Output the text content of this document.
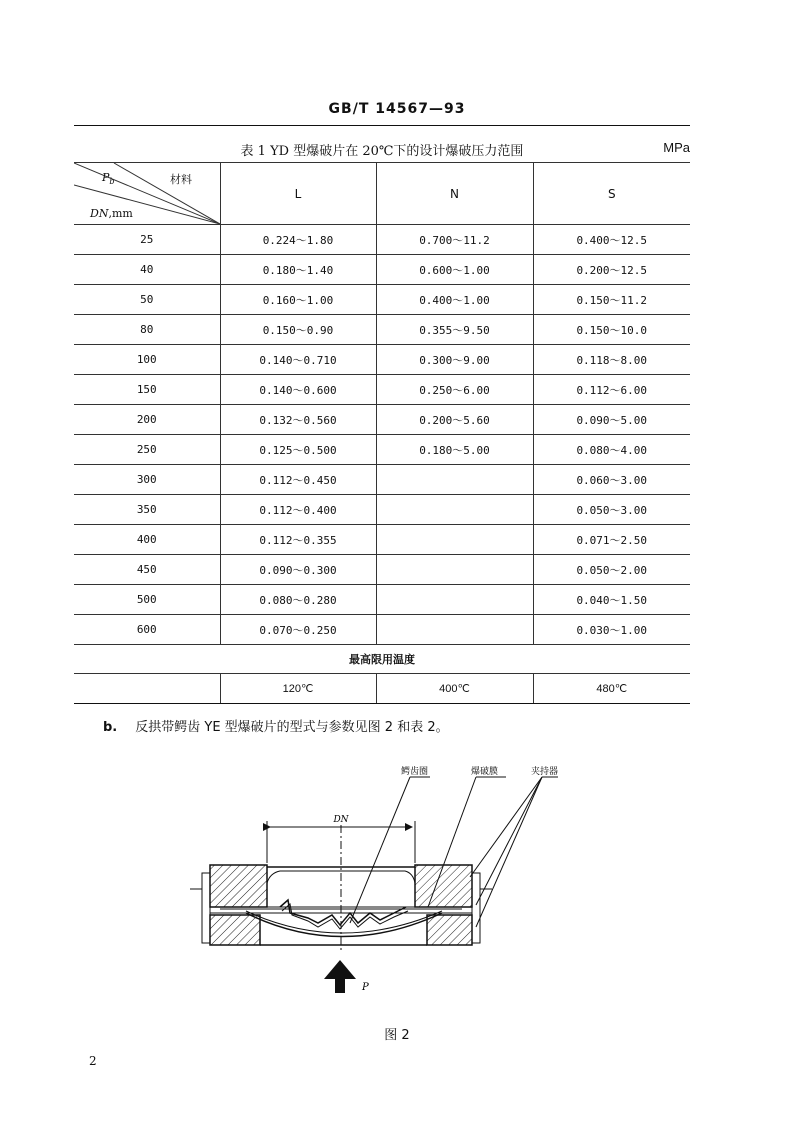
GB/T 14567—93
表 1 YD 型爆破片在 20℃下的设计爆破压力范围	MPa
$P_b$ 材料
DN,mm	L	N	S
25	0.224～1.80	0.700～11.2	0.400～12.5
40	0.180～1.40	0.600～1.00	0.200～12.5
50	0.160～1.00	0.400～1.00	0.150～11.2
80	0.150～0.90	0.355～9.50	0.150～10.0
100	0.140～0.710	0.300～9.00	0.118～8.00
150	0.140～0.600	0.250～6.00	0.112～6.00
200	0.132～0.560	0.200～5.60	0.090～5.00
250	0.125～0.500	0.180～5.00	0.080～4.00
300	0.112～0.450		0.060～3.00
350	0.112～0.400		0.050～3.00
400	0.112～0.355		0.071～2.50
450	0.090～0.300		0.050～2.00
500	0.080～0.280		0.040～1.50
600	0.070～0.250		0.030～1.00
最高限用温度			
	120℃	400℃	480℃
b. 反拱带鳄齿 YE 型爆破片的型式与参数见图 2 和表 2。
DN
鳄齿圈	爆破膜	夹持器
P
图 2
2
